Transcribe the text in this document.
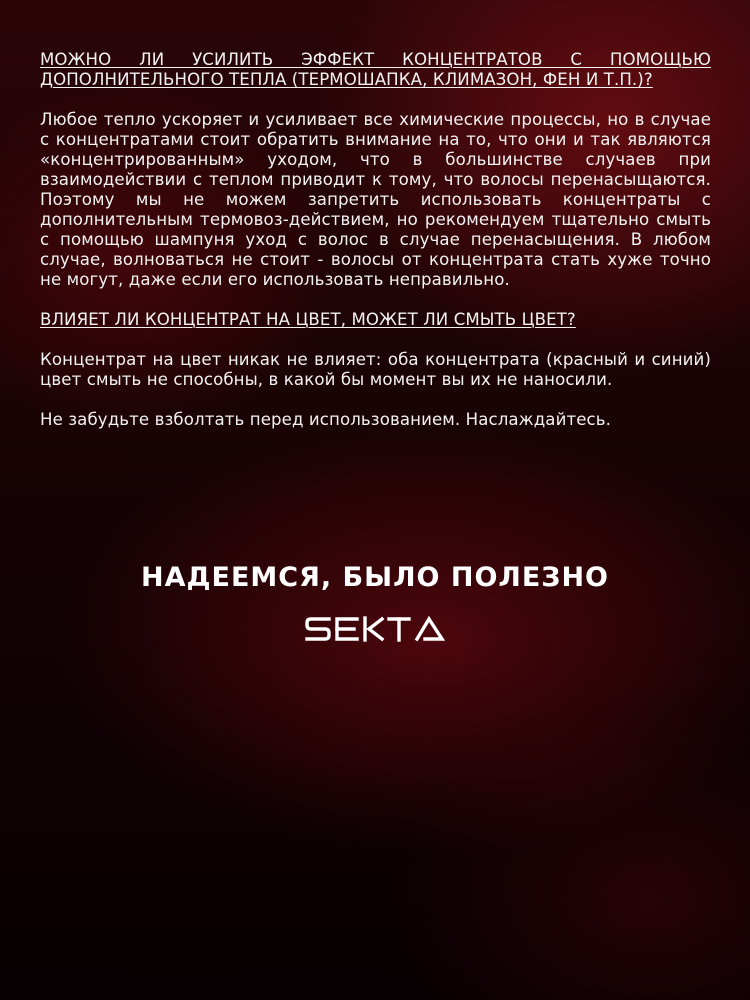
МОЖНО ЛИ УСИЛИТЬ ЭФФЕКТ КОНЦЕНТРАТОВ С ПОМОЩЬЮ ДОПОЛНИТЕЛЬНОГО ТЕПЛА (ТЕРМОШАПКА, КЛИМАЗОН, ФЕН И Т.П.)?

Любое тепло ускоряет и усиливает все химические процессы, но в случае с концентратами стоит обратить внимание на то, что они и так являются «концентрированным» уходом, что в большинстве случаев при взаимодействии с теплом приводит к тому, что волосы перенасыщаются. Поэтому мы не можем запретить использовать концентраты с дополнительным термовоз-действием, но рекомендуем тщательно смыть с помощью шампуня уход с волос в случае перенасыщения. В любом случае, волноваться не стоит - волосы от концентрата стать хуже точно не могут, даже если его использовать неправильно.

ВЛИЯЕТ ЛИ КОНЦЕНТРАТ НА ЦВЕТ, МОЖЕТ ЛИ СМЫТЬ ЦВЕТ?

Концентрат на цвет никак не влияет: оба концентрата (красный и синий) цвет смыть не способны, в какой бы момент вы их не наносили.

Не забудьте взболтать перед использованием. Наслаждайтесь.

НАДЕЕМСЯ, БЫЛО ПОЛЕЗНО
